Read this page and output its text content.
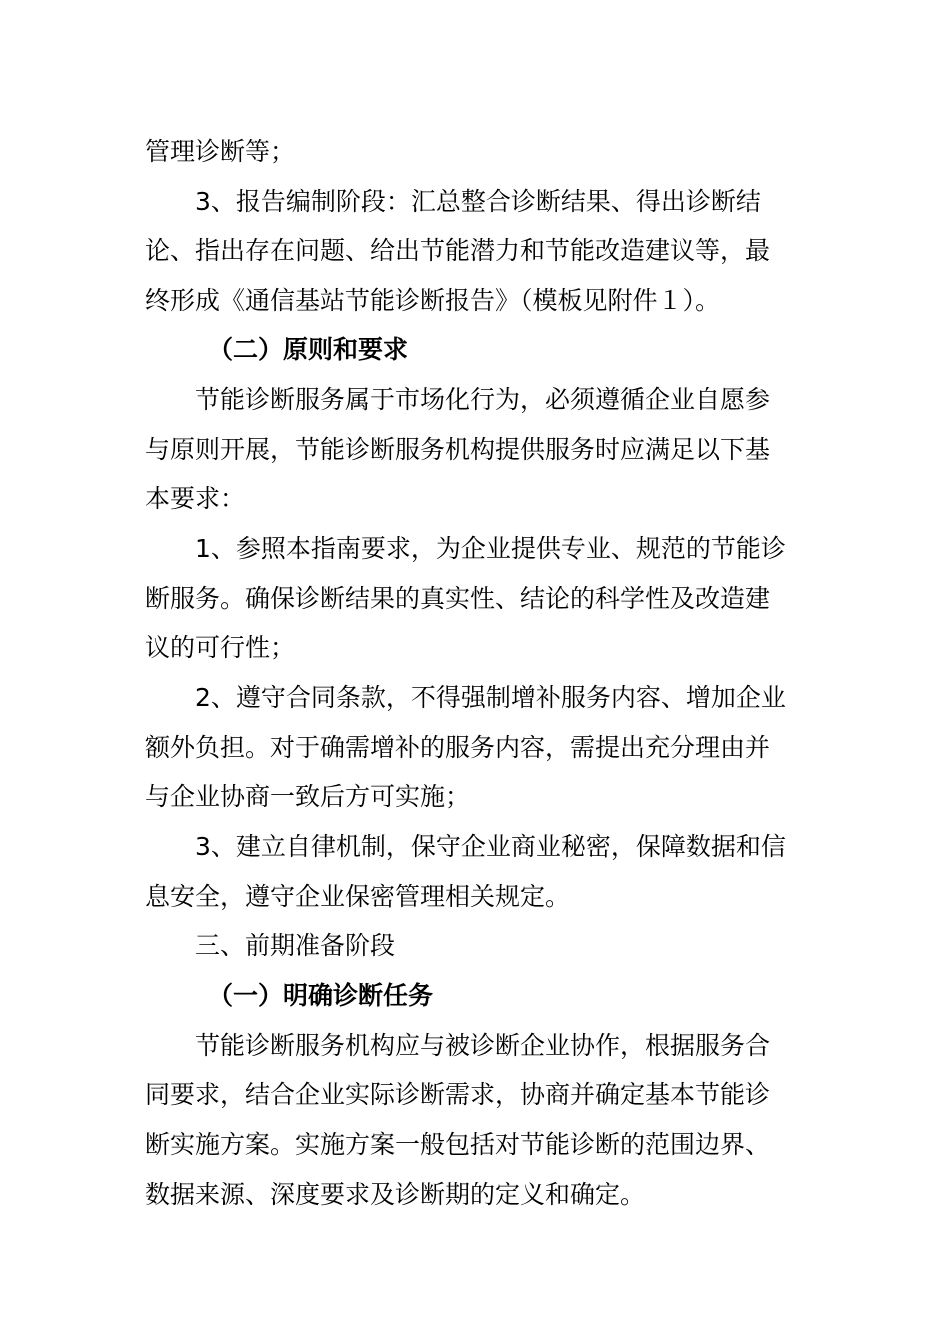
管理诊断等；
3、报告编制阶段：汇总整合诊断结果、得出诊断结
论、指出存在问题、给出节能潜力和节能改造建议等，最
终形成《通信基站节能诊断报告》（模板见附件１）。
（二）原则和要求
节能诊断服务属于市场化行为，必须遵循企业自愿参
与原则开展，节能诊断服务机构提供服务时应满足以下基
本要求：
1、参照本指南要求，为企业提供专业、规范的节能诊
断服务。确保诊断结果的真实性、结论的科学性及改造建
议的可行性；
2、遵守合同条款，不得强制增补服务内容、增加企业
额外负担。对于确需增补的服务内容，需提出充分理由并
与企业协商一致后方可实施；
3、建立自律机制，保守企业商业秘密，保障数据和信
息安全，遵守企业保密管理相关规定。
三、前期准备阶段
（一）明确诊断任务
节能诊断服务机构应与被诊断企业协作，根据服务合
同要求，结合企业实际诊断需求，协商并确定基本节能诊
断实施方案。实施方案一般包括对节能诊断的范围边界、
数据来源、深度要求及诊断期的定义和确定。
